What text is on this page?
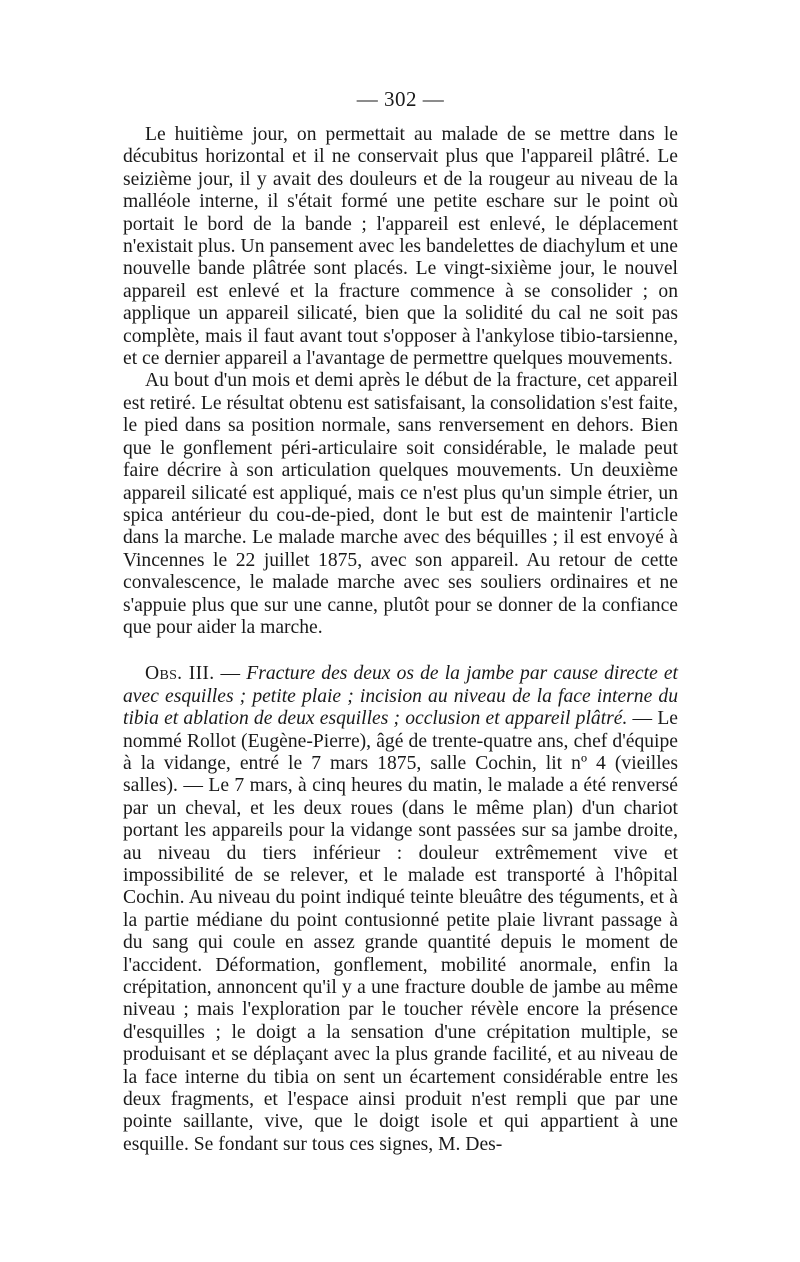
— 302 —

Le huitième jour, on permettait au malade de se mettre dans le décubitus horizontal et il ne conservait plus que l'appareil plâtré. Le seizième jour, il y avait des douleurs et de la rougeur au niveau de la malléole interne, il s'était formé une petite eschare sur le point où portait le bord de la bande ; l'appareil est enlevé, le déplacement n'existait plus. Un pansement avec les bandelettes de diachylum et une nouvelle bande plâtrée sont placés. Le vingt-sixième jour, le nouvel appareil est enlevé et la fracture commence à se consolider ; on applique un appareil silicaté, bien que la solidité du cal ne soit pas complète, mais il faut avant tout s'opposer à l'ankylose tibio-tarsienne, et ce dernier appareil a l'avantage de permettre quelques mouvements.

Au bout d'un mois et demi après le début de la fracture, cet appareil est retiré. Le résultat obtenu est satisfaisant, la consolidation s'est faite, le pied dans sa position normale, sans renversement en dehors. Bien que le gonflement péri-articulaire soit considérable, le malade peut faire décrire à son articulation quelques mouvements. Un deuxième appareil silicaté est appliqué, mais ce n'est plus qu'un simple étrier, un spica antérieur du cou-de-pied, dont le but est de maintenir l'article dans la marche. Le malade marche avec des béquilles ; il est envoyé à Vincennes le 22 juillet 1875, avec son appareil. Au retour de cette convalescence, le malade marche avec ses souliers ordinaires et ne s'appuie plus que sur une canne, plutôt pour se donner de la confiance que pour aider la marche.

Obs. III. — Fracture des deux os de la jambe par cause directe et avec esquilles ; petite plaie ; incision au niveau de la face interne du tibia et ablation de deux esquilles ; occlusion et appareil plâtré. — Le nommé Rollot (Eugène-Pierre), âgé de trente-quatre ans, chef d'équipe à la vidange, entré le 7 mars 1875, salle Cochin, lit nº 4 (vieilles salles). — Le 7 mars, à cinq heures du matin, le malade a été renversé par un cheval, et les deux roues (dans le même plan) d'un chariot portant les appareils pour la vidange sont passées sur sa jambe droite, au niveau du tiers inférieur : douleur extrêmement vive et impossibilité de se relever, et le malade est transporté à l'hôpital Cochin. Au niveau du point indiqué teinte bleuâtre des téguments, et à la partie médiane du point contusionné petite plaie livrant passage à du sang qui coule en assez grande quantité depuis le moment de l'accident. Déformation, gonflement, mobilité anormale, enfin la crépitation, annoncent qu'il y a une fracture double de jambe au même niveau ; mais l'exploration par le toucher révèle encore la présence d'esquilles ; le doigt a la sensation d'une crépitation multiple, se produisant et se déplaçant avec la plus grande facilité, et au niveau de la face interne du tibia on sent un écartement considérable entre les deux fragments, et l'espace ainsi produit n'est rempli que par une pointe saillante, vive, que le doigt isole et qui appartient à une esquille. Se fondant sur tous ces signes, M. Des-
